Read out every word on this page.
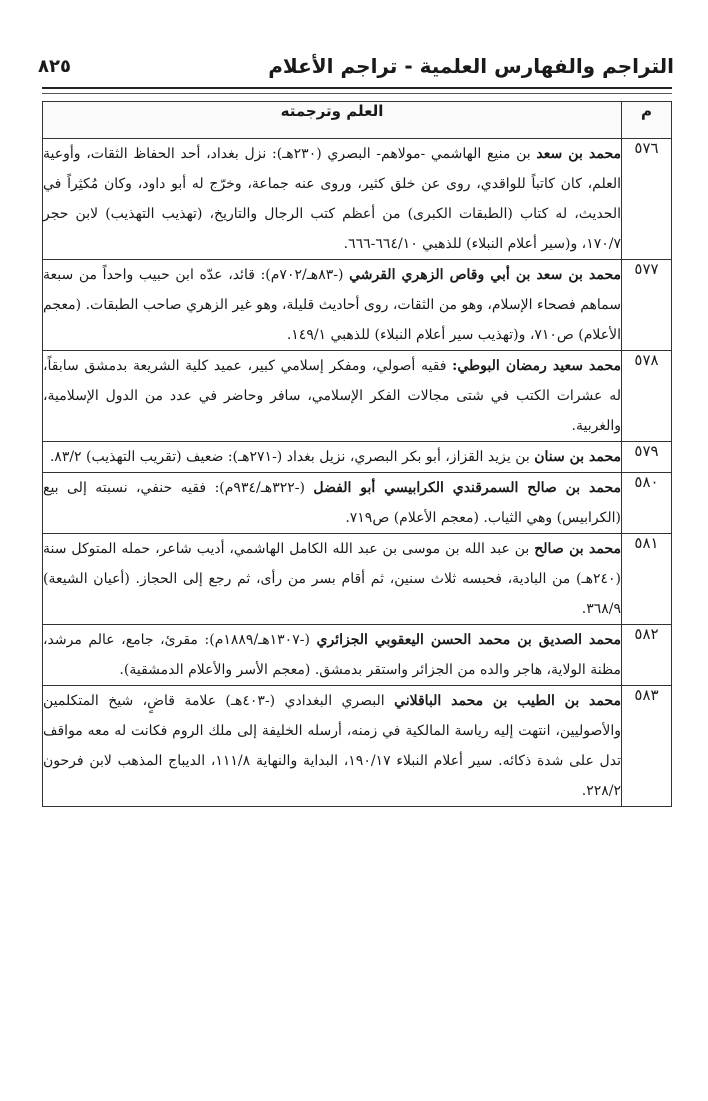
التراجم والفهارس العلمية - تراجم الأعلام
٨٢٥
م	العلم وترجمته
٥٧٦	محمد بن سعد بن منيع الهاشمي -مولاهم- البصري (٢٣٠هـ): نزل بغداد، أحد الحفاظ الثقات، وأوعية العلم، كان كاتباً للواقدي، روى عن خلق كثير، وروى عنه جماعة، وخرّج له أبو داود، وكان مُكثِراً في الحديث، له كتاب (الطبقات الكبرى) من أعظم كتب الرجال والتاريخ، (تهذيب التهذيب) لابن حجر ١٧٠/٧، و(سير أعلام النبلاء) للذهبي ٦٦٤/١٠-٦٦٦.
٥٧٧	محمد بن سعد بن أبي وقاص الزهري القرشي (-٨٣هـ/٧٠٢م): قائد، عدّه ابن حبيب واحداً من سبعة سماهم فصحاء الإسلام، وهو من الثقات، روى أحاديث قليلة، وهو غير الزهري صاحب الطبقات. (معجم الأعلام) ص٧١٠، و(تهذيب سير أعلام النبلاء) للذهبي ١٤٩/١.
٥٧٨	محمد سعيد رمضان البوطي: فقيه أصولي، ومفكر إسلامي كبير، عميد كلية الشريعة بدمشق سابقاً، له عشرات الكتب في شتى مجالات الفكر الإسلامي، سافر وحاضر في عدد من الدول الإسلامية، والغربية.
٥٧٩	محمد بن سنان بن يزيد القزاز، أبو بكر البصري، نزيل بغداد (-٢٧١هـ): ضعيف (تقريب التهذيب) ٨٣/٢.
٥٨٠	محمد بن صالح السمرقندي الكرابيسي أبو الفضل (-٣٢٢هـ/٩٣٤م): فقيه حنفي، نسبته إلى بيع (الكرابيس) وهي الثياب. (معجم الأعلام) ص٧١٩.
٥٨١	محمد بن صالح بن عبد الله بن موسى بن عبد الله الكامل الهاشمي، أديب شاعر، حمله المتوكل سنة (٢٤٠هـ) من البادية، فحبسه ثلاث سنين، ثم أقام بسر من رأى، ثم رجع إلى الحجاز. (أعيان الشيعة) ٣٦٨/٩.
٥٨٢	محمد الصديق بن محمد الحسن اليعقوبي الجزائري (-١٣٠٧هـ/١٨٨٩م): مقرئ، جامع، عالم مرشد، مظنة الولاية، هاجر والده من الجزائر واستقر بدمشق. (معجم الأسر والأعلام الدمشقية).
٥٨٣	محمد بن الطيب بن محمد الباقلاني البصري البغدادي (-٤٠٣هـ) علامة قاضٍ، شيخ المتكلمين والأصوليين، انتهت إليه رياسة المالكية في زمنه، أرسله الخليفة إلى ملك الروم فكانت له معه مواقف تدل على شدة ذكائه. سير أعلام النبلاء ١٩٠/١٧، البداية والنهاية ١١١/٨، الديباج المذهب لابن فرحون ٢٢٨/٢.
